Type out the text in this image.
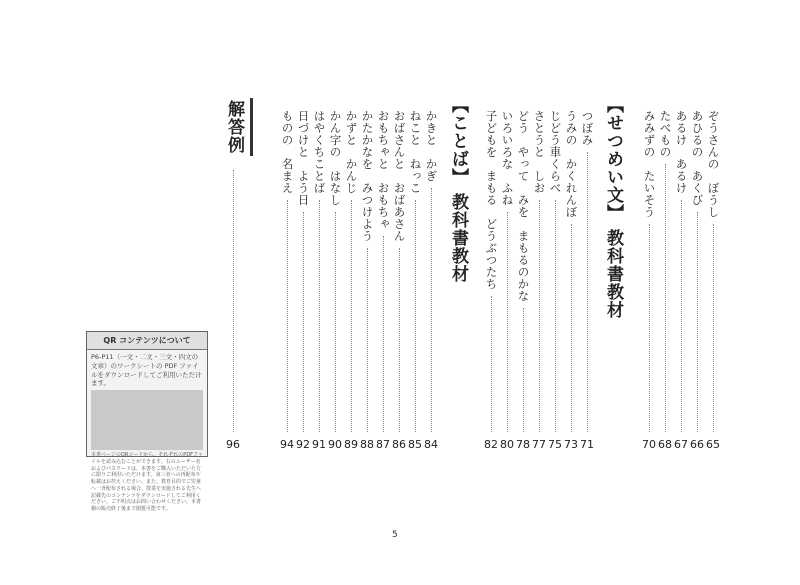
【せつめい文】 教科書教材
【ことば】 教科書教材
ぞうさんの　ぼうし
65
あひるの　あくび
66
あるけ　あるけ
67
たべもの
68
みみずの　たいそう
70
つぼみ
71
うみの　かくれんぼ
73
じどう車くらべ
75
さとうと　しお
77
どう　やって　みを　まもるのかな
78
いろいろな　ふね
80
子どもを　まもる　どうぶつたち
82
かきと　かぎ
84
ねこと　ねっこ
85
おばさんと　おばあさん
86
おもちゃと　おもちゃ
87
かたかなを　みつけよう
88
かずと　かんじ
89
かん字の　はなし
90
はやくちことば
91
日づけと　よう日
92
ものの　名まえ
94
解答例
96
QR コンテンツについて
P6-P11（一文・二文・三文・四文の文章）のワークシートの PDF ファイルをダウンロードしてご利用いただけます。
本書ページのQRコードから、それぞれのPDFファイルを読み込むことができます。右のユーザー名およびパスワードは、本書をご購入いただいた方に限りご利用いただけます。第三者への再配布や転載はお控えください。また、教育目的でご児童へ一斉配布される場合、授業を実施される先生へ記載先のコンテンツをダウンロードしてご利用ください。ご不明点はお問い合わせください。本書籍の販売終了後まで閲覧可能です。
5
